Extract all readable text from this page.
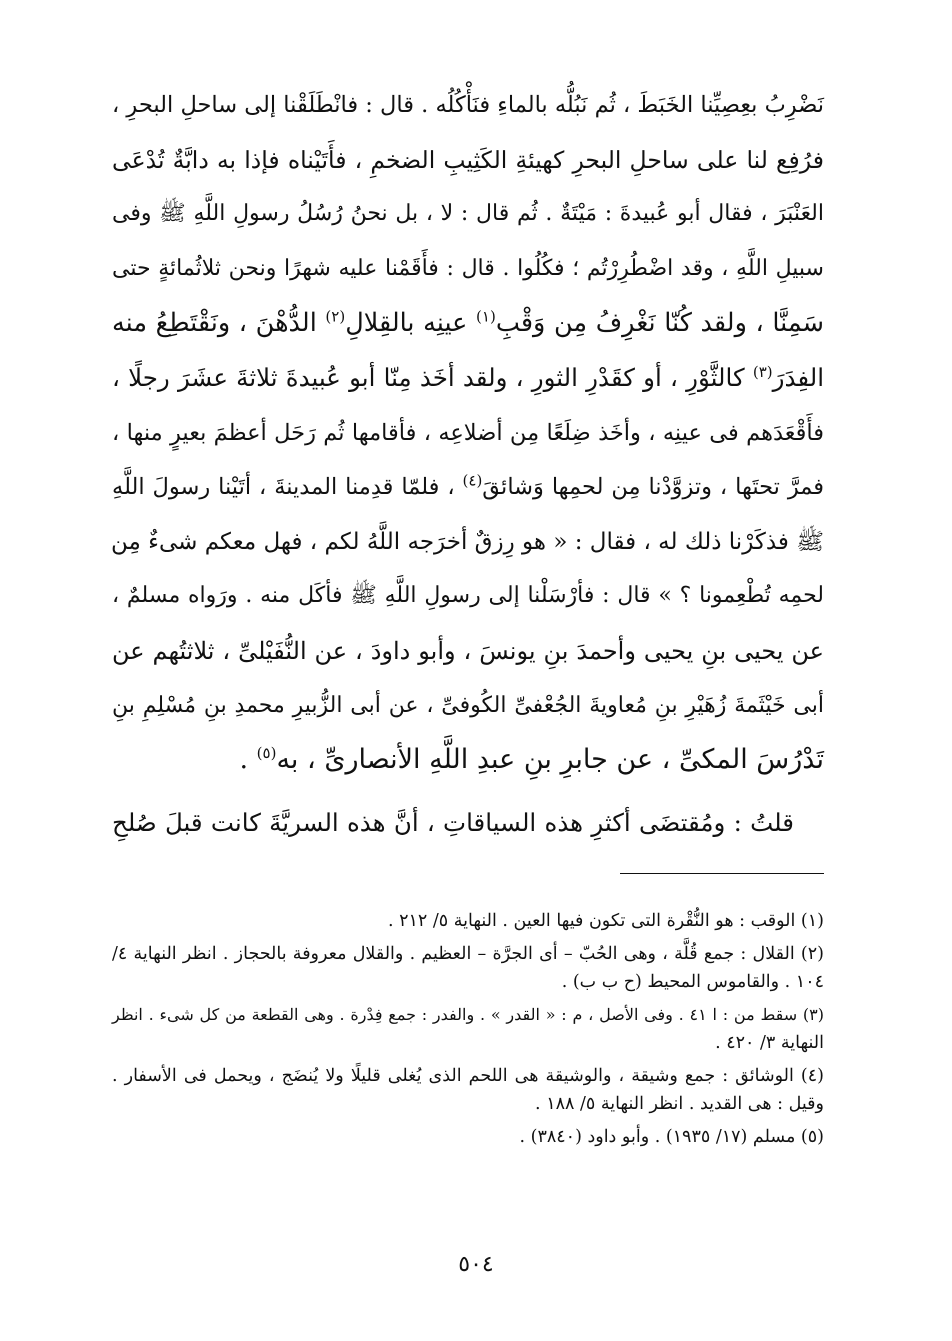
نَضْرِبُ بعِصِيِّنا الخَبَطَ ، ثُم نَبُلُّه بالماءِ فنَأْكُلُه . قال : فانْطَلَقْنا إلى ساحلِ البحرِ ،
فرُفِع لنا على ساحلِ البحرِ كهيئةِ الكَثِيبِ الضخمِ ، فأَتَيْناه فإذا به دابَّةٌ تُدْعَى
العَنْبَرَ ، فقال أبو عُبيدةَ : مَيْتَةٌ . ثُم قال : لا ، بل نحنُ رُسُلُ رسولِ اللَّهِ ﷺ وفى
سبيلِ اللَّهِ ، وقد اضْطُرِرْتُم ؛ فكُلُوا . قال : فأَقَمْنا عليه شهرًا ونحن ثلاثُمائةٍ حتى
سَمِنَّا ، ولقد كُنّا نَغْرِفُ مِن وَقْبِ$^{(١)}$ عينِه بالقِلالِ$^{(٢)}$ الدُّهْنَ ، ونَقْتَطِعُ منه
الفِدَرَ$^{(٣)}$ كالثَّوْرِ ، أو كقَدْرِ الثورِ ، ولقد أخَذ مِنّا أبو عُبيدةَ ثلاثةَ عشَرَ رجلًا ،
فأَقْعَدَهم فى عينِه ، وأخَذ ضِلَعًا مِن أضلاعِه ، فأقامها ثُم رَحَل أعظمَ بعيرٍ منها ،
فمرَّ تحتَها ، وتزوَّدْنا مِن لحمِها وَشائقَ$^{(٤)}$ ، فلمّا قدِمنا المدينةَ ، أتَيْنا رسولَ اللَّهِ
ﷺ فذكَرْنا ذلك له ، فقال : « هو رِزقٌ أخرَجه اللَّهُ لكم ، فهل معكم شىءٌ مِن
لحمِه تُطْعِمونا ؟ » قال : فأرْسَلْنا إلى رسولِ اللَّهِ ﷺ فأكَل منه . ورَواه مسلمٌ ،
عن يحيى بنِ يحيى وأحمدَ بنِ يونسَ ، وأبو داودَ ، عن النُّفَيْلىِّ ، ثلاثتُهم عن
أبى خَيْثَمةَ زُهَيْرِ بنِ مُعاويةَ الجُعْفىِّ الكُوفىِّ ، عن أبى الزُّبيرِ محمدِ بنِ مُسْلِمِ بنِ
تَدْرُسَ المكىِّ ، عن جابرِ بنِ عبدِ اللَّهِ الأنصارىِّ ، به$^{(٥)}$ .
قلتُ : ومُقتضَى أكثرِ هذه السياقاتِ ، أنَّ هذه السريَّةَ كانت قبلَ صُلحِ
(١) الوقب : هو النُّقْرة التى تكون فيها العين . النهاية ٥/ ٢١٢ .
(٢) القلال : جمع قُلَّة ، وهى الحُبّ – أى الجرَّة – العظيم . والقلال معروفة بالحجاز . انظر النهاية ٤/
١٠٤ . والقاموس المحيط (ح ب ب) .
(٣) سقط من : ا ٤١ . وفى الأصل ، م : « القدر » . والفدر : جمع فِدْرة . وهى القطعة من كل شىء . انظر
النهاية ٣/ ٤٢٠ .
(٤) الوشائق : جمع وشيقة ، والوشيقة هى اللحم الذى يُغلى قليلًا ولا يُنضَج ، ويحمل فى الأسفار .
وقيل : هى القديد . انظر النهاية ٥/ ١٨٨ .
(٥) مسلم (١٧/ ١٩٣٥) . وأبو داود (٣٨٤٠) .
٥٠٤
